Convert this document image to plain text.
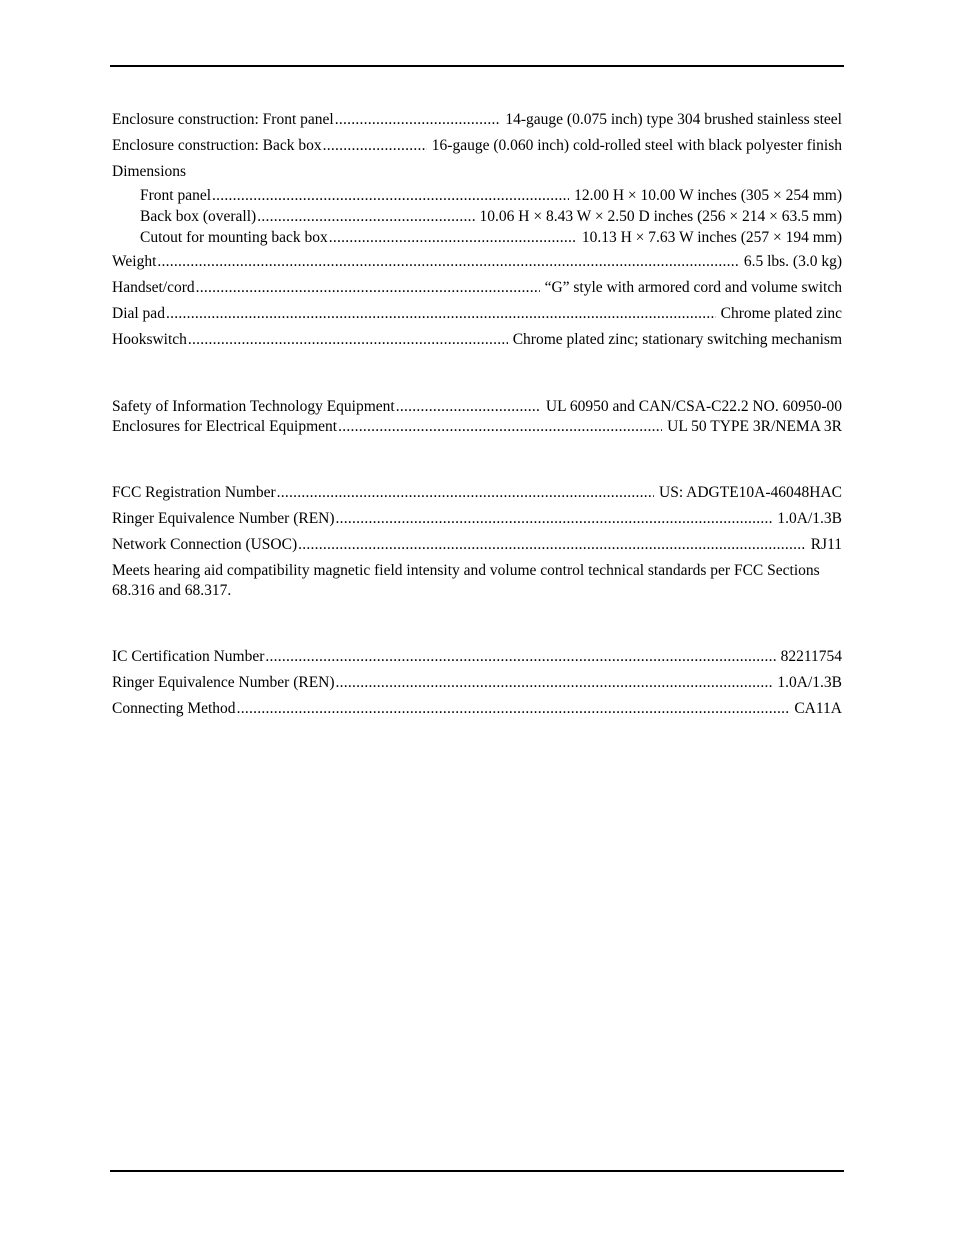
Enclosure construction: Front panel .....	14-gauge (0.075 inch) type 304 brushed stainless steel
Enclosure construction: Back box .....	16-gauge (0.060 inch) cold-rolled steel with black polyester finish
Dimensions
Front panel .....	12.00 H × 10.00 W inches (305 × 254 mm)
Back box (overall) .....	10.06 H × 8.43 W × 2.50 D inches (256 × 214 × 63.5 mm)
Cutout for mounting back box .....	10.13 H × 7.63 W inches (257 × 194 mm)
Weight .....	6.5 lbs. (3.0 kg)
Handset/cord .....	“G” style with armored cord and volume switch
Dial pad .....	Chrome plated zinc
Hookswitch .....	Chrome plated zinc; stationary switching mechanism
Safety of Information Technology Equipment .....	UL 60950 and CAN/CSA-C22.2 NO. 60950-00
Enclosures for Electrical Equipment .....	UL 50 TYPE 3R/NEMA 3R
FCC Registration Number .....	US: ADGTE10A-46048HAC
Ringer Equivalence Number (REN) .....	1.0A/1.3B
Network Connection (USOC) .....	RJ11
Meets hearing aid compatibility magnetic field intensity and volume control technical standards per FCC Sections 68.316 and 68.317.
IC Certification Number .....	82211754
Ringer Equivalence Number (REN) .....	1.0A/1.3B
Connecting Method .....	CA11A
